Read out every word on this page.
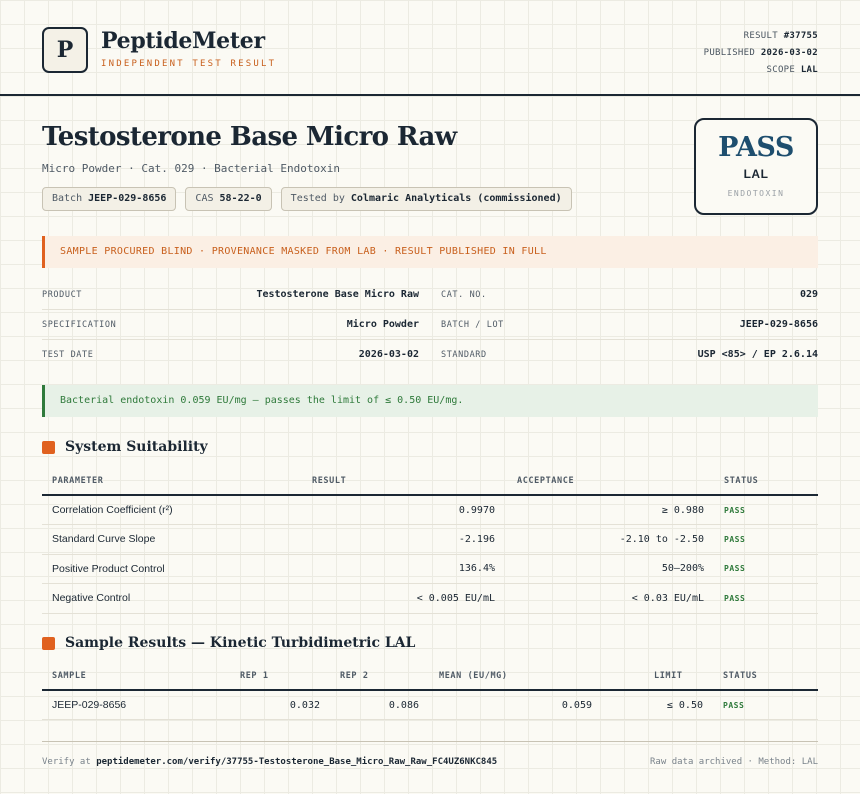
P	PeptideMeter
INDEPENDENT TEST RESULT
RESULT #37755
PUBLISHED 2026-03-02
SCOPE LAL
Testosterone Base Micro Raw
Micro Powder · Cat. 029 · Bacterial Endotoxin
Batch JEEP-029-8656	CAS 58-22-0	Tested by Colmaric Analyticals (commissioned)
PASS
LAL
ENDOTOXIN
SAMPLE PROCURED BLIND · PROVENANCE MASKED FROM LAB · RESULT PUBLISHED IN FULL
PRODUCT	Testosterone Base Micro Raw	CAT. NO.	029
SPECIFICATION	Micro Powder	BATCH / LOT	JEEP-029-8656
TEST DATE	2026-03-02	STANDARD	USP <85> / EP 2.6.14
Bacterial endotoxin 0.059 EU/mg — passes the limit of ≤ 0.50 EU/mg.
System Suitability
PARAMETER	RESULT	ACCEPTANCE	STATUS
Correlation Coefficient (r²)	0.9970	≥ 0.980	PASS
Standard Curve Slope	-2.196	-2.10 to -2.50	PASS
Positive Product Control	136.4%	50–200%	PASS
Negative Control	< 0.005 EU/mL	< 0.03 EU/mL	PASS
Sample Results — Kinetic Turbidimetric LAL
SAMPLE	REP 1	REP 2	MEAN (EU/MG)	LIMIT	STATUS
JEEP-029-8656	0.032	0.086	0.059	≤ 0.50	PASS
Verify at peptidemeter.com/verify/37755-Testosterone_Base_Micro_Raw_Raw_FC4UZ6NKC845	Raw data archived · Method: LAL
